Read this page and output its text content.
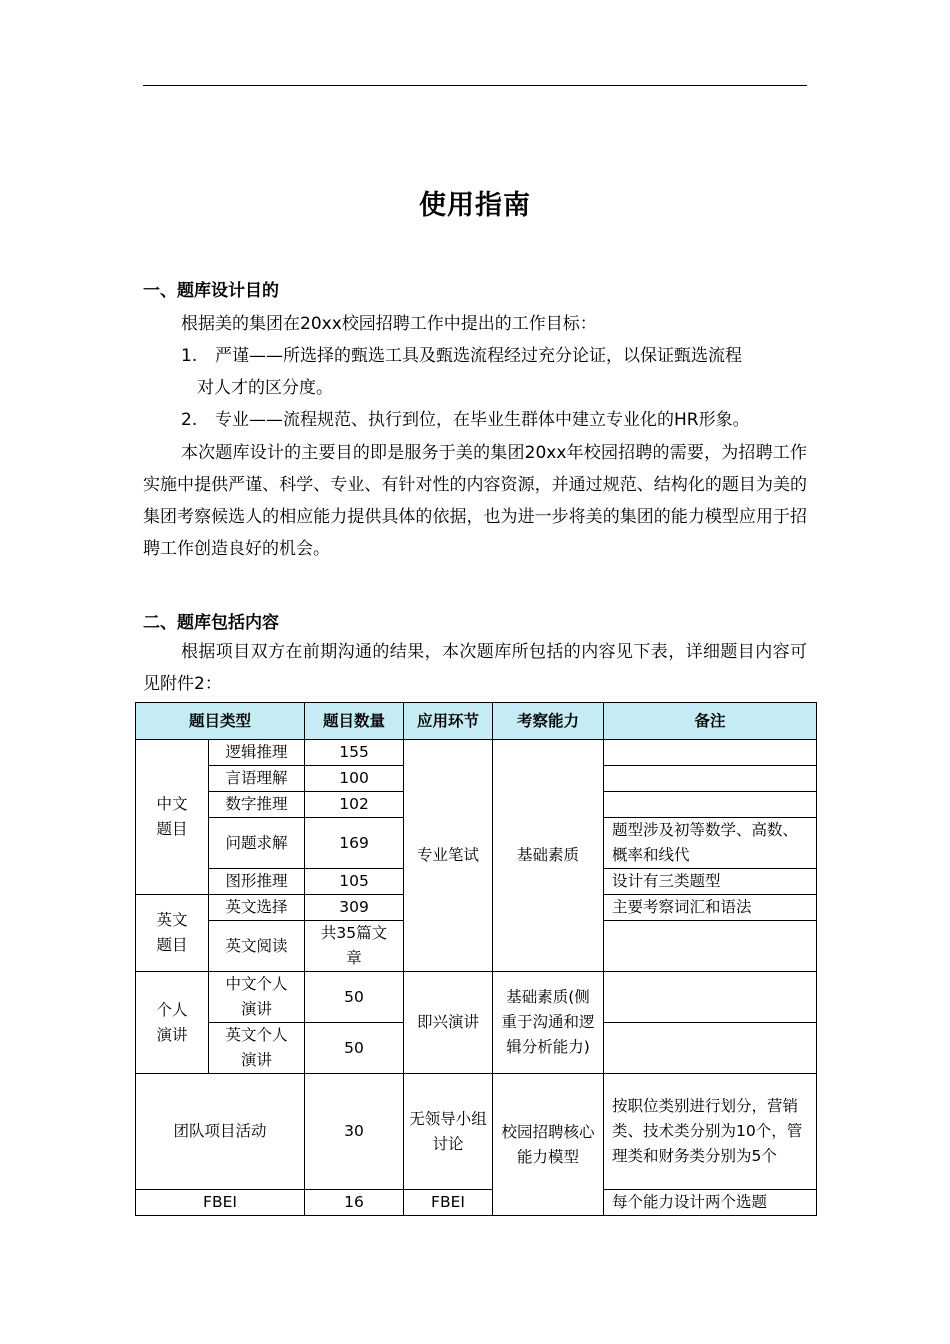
使用指南
一、题库设计目的
根据美的集团在20xx校园招聘工作中提出的工作目标：
1. 严谨——所选择的甄选工具及甄选流程经过充分论证，以保证甄选流程
对人才的区分度。
2. 专业——流程规范、执行到位，在毕业生群体中建立专业化的HR形象。
本次题库设计的主要目的即是服务于美的集团20xx年校园招聘的需要，为招聘工作实施中提供严谨、科学、专业、有针对性的内容资源，并通过规范、结构化的题目为美的集团考察候选人的相应能力提供具体的依据，也为进一步将美的集团的能力模型应用于招聘工作创造良好的机会。
二、题库包括内容
根据项目双方在前期沟通的结果，本次题库所包括的内容见下表，详细题目内容可见附件2：
题目类型		题目数量	应用环节	考察能力	备注

中文题目	逻辑推理	155	专业笔试	基础素质	
	言语理解	100			
	数字推理	102			
	问题求解	169			题型涉及初等数学、高数、概率和线代
	图形推理	105			设计有三类题型

英文题目	英文选择	309			主要考察词汇和语法
	英文阅读	共35篇文章			

个人演讲	中文个人演讲	50	即兴演讲	基础素质(侧重于沟通和逻辑分析能力)	

	英文个人演讲	50			
团队项目活动		30	无领导小组讨论	校园招聘核心能力模型	按职位类别进行划分，营销类、技术类分别为10个，管理类和财务类分别为5个
FBEI		16	FBEI		每个能力设计两个选题
